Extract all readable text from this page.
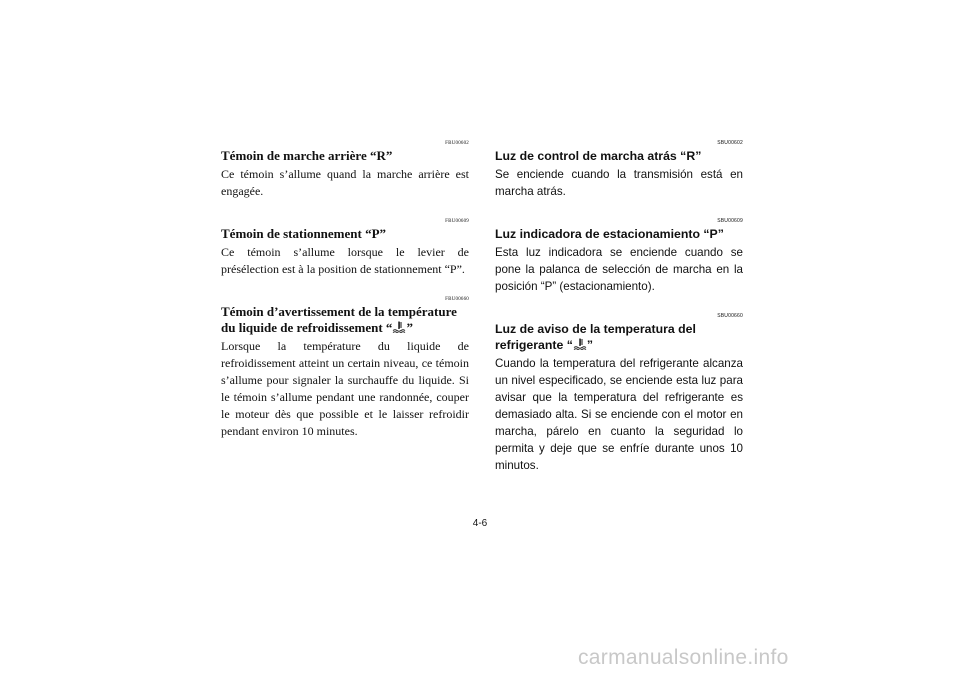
FBU00602
Témoin de marche arrière “R”
Ce témoin s’allume quand la marche arrière est engagée.
FBU00609
Témoin de stationnement “P”
Ce témoin s’allume lorsque le levier de présélection est à la position de stationnement “P”.
FBU00660
Témoin d’avertissement de la température du liquide de refroidissement “ ”
Lorsque la température du liquide de refroidissement atteint un certain niveau, ce témoin s’allume pour signaler la surchauffe du liquide. Si le témoin s’allume pendant une randonnée, couper le moteur dès que possible et le laisser refroidir pendant environ 10 minutes.
SBU00602
Luz de control de marcha atrás “R”
Se enciende cuando la transmisión está en marcha atrás.
SBU00609
Luz indicadora de estacionamiento “P”
Esta luz indicadora se enciende cuando se pone la palanca de selección de marcha en la posición “P” (estacionamiento).
SBU00660
Luz de aviso de la temperatura del refrigerante “ ”
Cuando la temperatura del refrigerante alcanza un nivel especificado, se enciende esta luz para avisar que la temperatura del refrigerante es demasiado alta. Si se enciende con el motor en marcha, párelo en cuanto la seguridad lo permita y deje que se enfríe durante unos 10 minutos.
4-6
carmanualsonline.info
